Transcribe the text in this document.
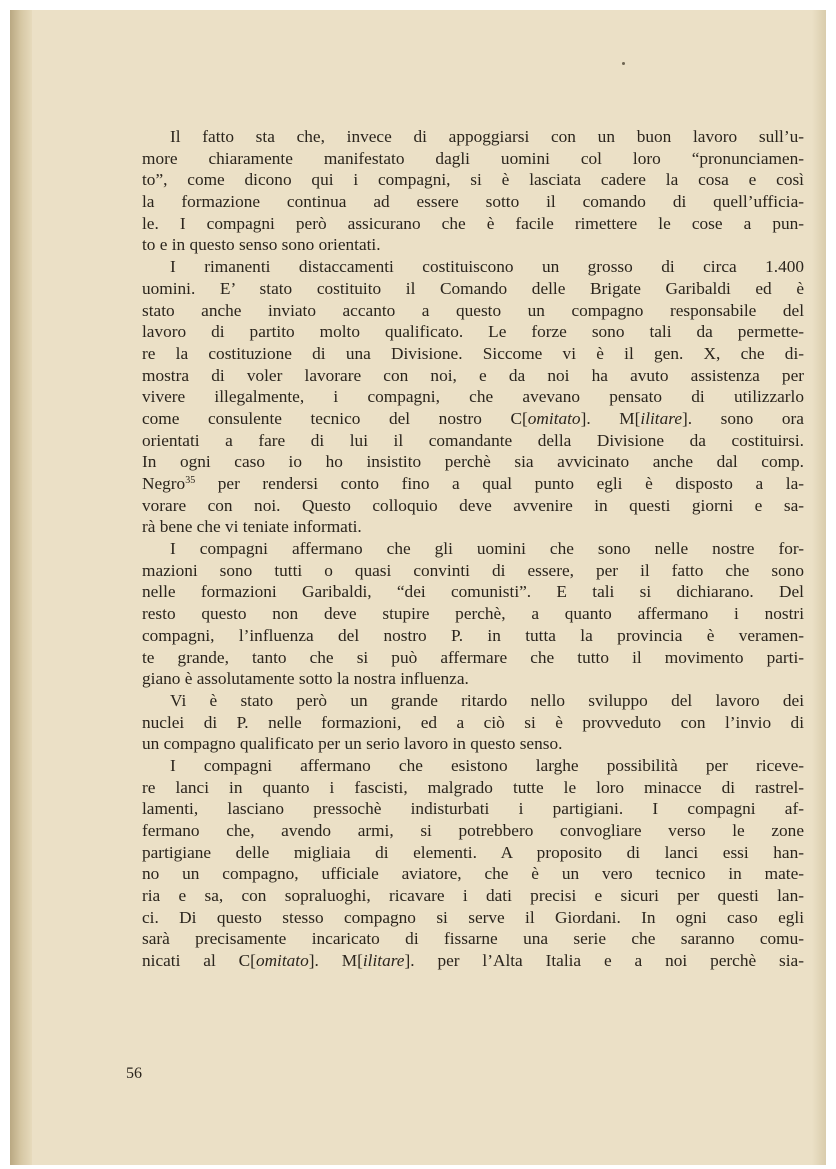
Il fatto sta che, invece di appoggiarsi con un buon lavoro sull’u-
more chiaramente manifestato dagli uomini col loro “pronunciamen-
to”, come dicono qui i compagni, si è lasciata cadere la cosa e così
la formazione continua ad essere sotto il comando di quell’ufficia-
le. I compagni però assicurano che è facile rimettere le cose a pun-
to e in questo senso sono orientati.
I rimanenti distaccamenti costituiscono un grosso di circa 1.400
uomini. E’ stato costituito il Comando delle Brigate Garibaldi ed è
stato anche inviato accanto a questo un compagno responsabile del
lavoro di partito molto qualificato. Le forze sono tali da permette-
re la costituzione di una Divisione. Siccome vi è il gen. X, che di-
mostra di voler lavorare con noi, e da noi ha avuto assistenza per
vivere illegalmente, i compagni, che avevano pensato di utilizzarlo
come consulente tecnico del nostro C[omitato]. M[ilitare]. sono ora
orientati a fare di lui il comandante della Divisione da costituirsi.
In ogni caso io ho insistito perchè sia avvicinato anche dal comp.
Negro$^{35}$ per rendersi conto fino a qual punto egli è disposto a la-
vorare con noi. Questo colloquio deve avvenire in questi giorni e sa-
rà bene che vi teniate informati.
I compagni affermano che gli uomini che sono nelle nostre for-
mazioni sono tutti o quasi convinti di essere, per il fatto che sono
nelle formazioni Garibaldi, “dei comunisti”. E tali si dichiarano. Del
resto questo non deve stupire perchè, a quanto affermano i nostri
compagni, l’influenza del nostro P. in tutta la provincia è veramen-
te grande, tanto che si può affermare che tutto il movimento parti-
giano è assolutamente sotto la nostra influenza.
Vi è stato però un grande ritardo nello sviluppo del lavoro dei
nuclei di P. nelle formazioni, ed a ciò si è provveduto con l’invio di
un compagno qualificato per un serio lavoro in questo senso.
I compagni affermano che esistono larghe possibilità per riceve-
re lanci in quanto i fascisti, malgrado tutte le loro minacce di rastrel-
lamenti, lasciano pressochè indisturbati i partigiani. I compagni af-
fermano che, avendo armi, si potrebbero convogliare verso le zone
partigiane delle migliaia di elementi. A proposito di lanci essi han-
no un compagno, ufficiale aviatore, che è un vero tecnico in mate-
ria e sa, con sopraluoghi, ricavare i dati precisi e sicuri per questi lan-
ci. Di questo stesso compagno si serve il Giordani. In ogni caso egli
sarà precisamente incaricato di fissarne una serie che saranno comu-
nicati al C[omitato]. M[ilitare]. per l’Alta Italia e a noi perchè sia-
56
